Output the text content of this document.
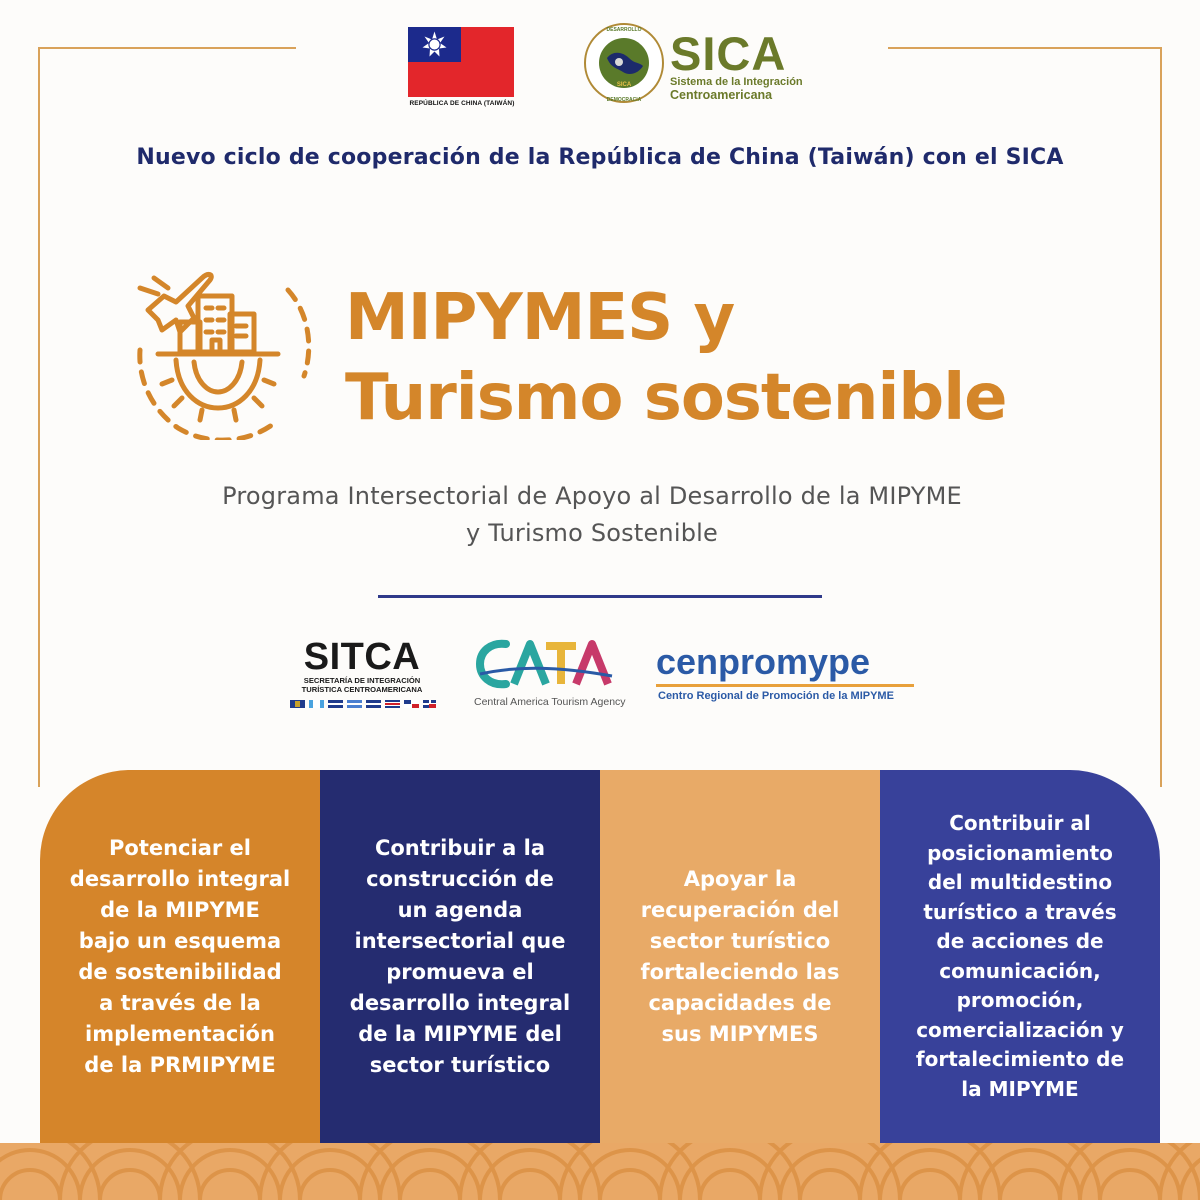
REPÚBLICA DE CHINA (TAIWÁN)
DESARROLLO
DEMOCRACIA
SICA
SICA
Sistema de la Integración
Centroamericana
Nuevo ciclo de cooperación de la República de China (Taiwán) con el SICA
MIPYMES y
Turismo sostenible
Programa Intersectorial de Apoyo al Desarrollo de la MIPYME
y Turismo Sostenible
SITCA
SECRETARÍA DE INTEGRACIÓN
TURÍSTICA CENTROAMERICANA
Central America Tourism Agency
cenpromype
Centro Regional de Promoción de la MIPYME
Potenciar el
desarrollo integral
de la MIPYME
bajo un esquema
de sostenibilidad
a través de la
implementación
de la PRMIPYME
Contribuir a la
construcción de
un agenda
intersectorial que
promueva el
desarrollo integral
de la MIPYME del
sector turístico
Apoyar la
recuperación del
sector turístico
fortaleciendo las
capacidades de
sus MIPYMES
Contribuir al
posicionamiento
del multidestino
turístico a través
de acciones de
comunicación,
promoción,
comercialización y
fortalecimiento de
la MIPYME
